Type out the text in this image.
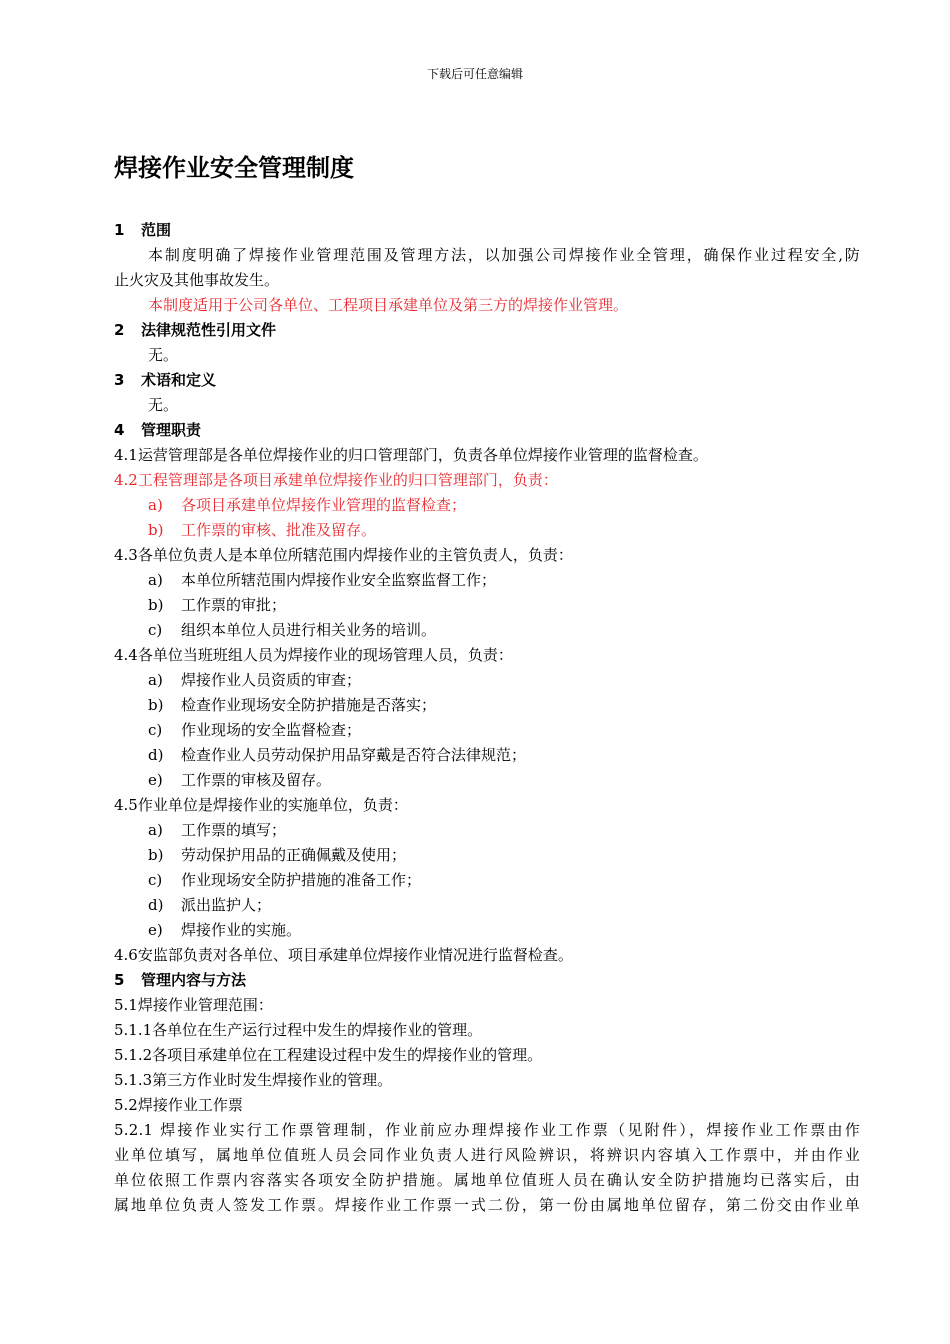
下载后可任意编辑
焊接作业安全管理制度
1 范围
本制度明确了焊接作业管理范围及管理方法，以加强公司焊接作业全管理，确保作业过程安全,防
止火灾及其他事故发生。
本制度适用于公司各单位、工程项目承建单位及第三方的焊接作业管理。
2 法律规范性引用文件
无。
3 术语和定义
无。
4 管理职责
4.1运营管理部是各单位焊接作业的归口管理部门，负责各单位焊接作业管理的监督检查。
4.2工程管理部是各项目承建单位焊接作业的归口管理部门，负责：
a) 各项目承建单位焊接作业管理的监督检查；
b) 工作票的审核、批准及留存。
4.3各单位负责人是本单位所辖范围内焊接作业的主管负责人，负责：
a) 本单位所辖范围内焊接作业安全监察监督工作；
b) 工作票的审批；
c) 组织本单位人员进行相关业务的培训。
4.4各单位当班班组人员为焊接作业的现场管理人员，负责：
a) 焊接作业人员资质的审查；
b) 检查作业现场安全防护措施是否落实；
c) 作业现场的安全监督检查；
d) 检查作业人员劳动保护用品穿戴是否符合法律规范；
e) 工作票的审核及留存。
4.5作业单位是焊接作业的实施单位，负责：
a) 工作票的填写；
b) 劳动保护用品的正确佩戴及使用；
c) 作业现场安全防护措施的准备工作；
d) 派出监护人；
e) 焊接作业的实施。
4.6安监部负责对各单位、项目承建单位焊接作业情况进行监督检查。
5 管理内容与方法
5.1焊接作业管理范围：
5.1.1各单位在生产运行过程中发生的焊接作业的管理。
5.1.2各项目承建单位在工程建设过程中发生的焊接作业的管理。
5.1.3第三方作业时发生焊接作业的管理。
5.2焊接作业工作票
5.2.1 焊接作业实行工作票管理制，作业前应办理焊接作业工作票（见附件），焊接作业工作票由作
业单位填写，属地单位值班人员会同作业负责人进行风险辨识，将辨识内容填入工作票中，并由作业
单位依照工作票内容落实各项安全防护措施。属地单位值班人员在确认安全防护措施均已落实后，由
属地单位负责人签发工作票。焊接作业工作票一式二份，第一份由属地单位留存，第二份交由作业单
